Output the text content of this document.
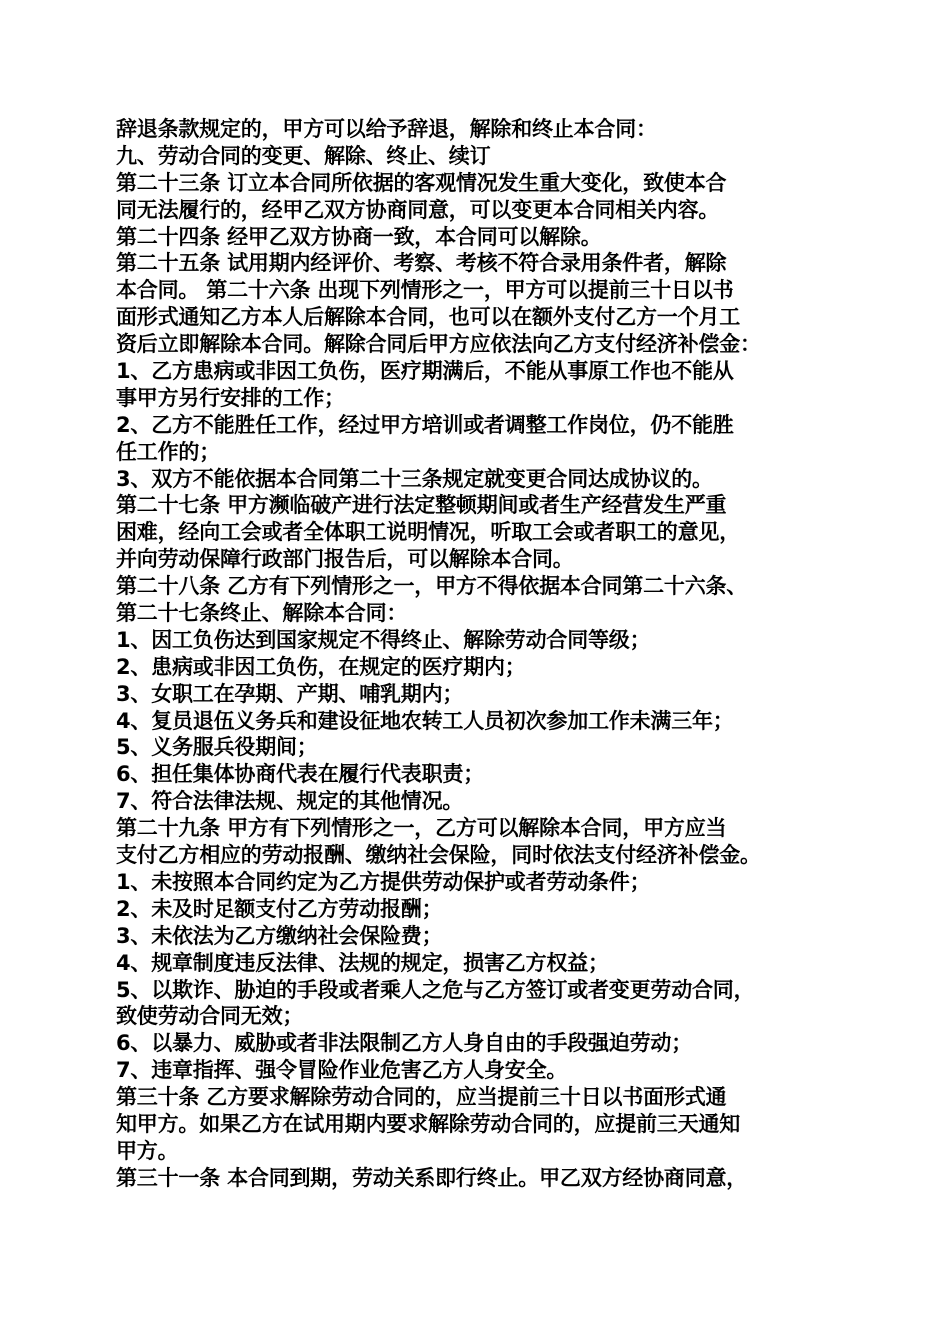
辞退条款规定的，甲方可以给予辞退，解除和终止本合同：
九、劳动合同的变更、解除、终止、续订
第二十三条 订立本合同所依据的客观情况发生重大变化，致使本合
同无法履行的，经甲乙双方协商同意，可以变更本合同相关内容。
第二十四条 经甲乙双方协商一致，本合同可以解除。
第二十五条 试用期内经评价、考察、考核不符合录用条件者，解除
本合同。 第二十六条 出现下列情形之一，甲方可以提前三十日以书
面形式通知乙方本人后解除本合同，也可以在额外支付乙方一个月工
资后立即解除本合同。解除合同后甲方应依法向乙方支付经济补偿金：
1、乙方患病或非因工负伤，医疗期满后，不能从事原工作也不能从
事甲方另行安排的工作；
2、乙方不能胜任工作，经过甲方培训或者调整工作岗位，仍不能胜
任工作的；
3、双方不能依据本合同第二十三条规定就变更合同达成协议的。
第二十七条 甲方濒临破产进行法定整顿期间或者生产经营发生严重
困难，经向工会或者全体职工说明情况，听取工会或者职工的意见，
并向劳动保障行政部门报告后，可以解除本合同。
第二十八条 乙方有下列情形之一，甲方不得依据本合同第二十六条、
第二十七条终止、解除本合同：
1、因工负伤达到国家规定不得终止、解除劳动合同等级；
2、患病或非因工负伤，在规定的医疗期内；
3、女职工在孕期、产期、哺乳期内；
4、复员退伍义务兵和建设征地农转工人员初次参加工作未满三年；
5、义务服兵役期间；
6、担任集体协商代表在履行代表职责；
7、符合法律法规、规定的其他情况。
第二十九条 甲方有下列情形之一，乙方可以解除本合同，甲方应当
支付乙方相应的劳动报酬、缴纳社会保险，同时依法支付经济补偿金。
1、未按照本合同约定为乙方提供劳动保护或者劳动条件；
2、未及时足额支付乙方劳动报酬；
3、未依法为乙方缴纳社会保险费；
4、规章制度违反法律、法规的规定，损害乙方权益；
5、以欺诈、胁迫的手段或者乘人之危与乙方签订或者变更劳动合同，
致使劳动合同无效；
6、以暴力、威胁或者非法限制乙方人身自由的手段强迫劳动；
7、违章指挥、强令冒险作业危害乙方人身安全。
第三十条 乙方要求解除劳动合同的，应当提前三十日以书面形式通
知甲方。如果乙方在试用期内要求解除劳动合同的，应提前三天通知
甲方。
第三十一条 本合同到期，劳动关系即行终止。甲乙双方经协商同意，
